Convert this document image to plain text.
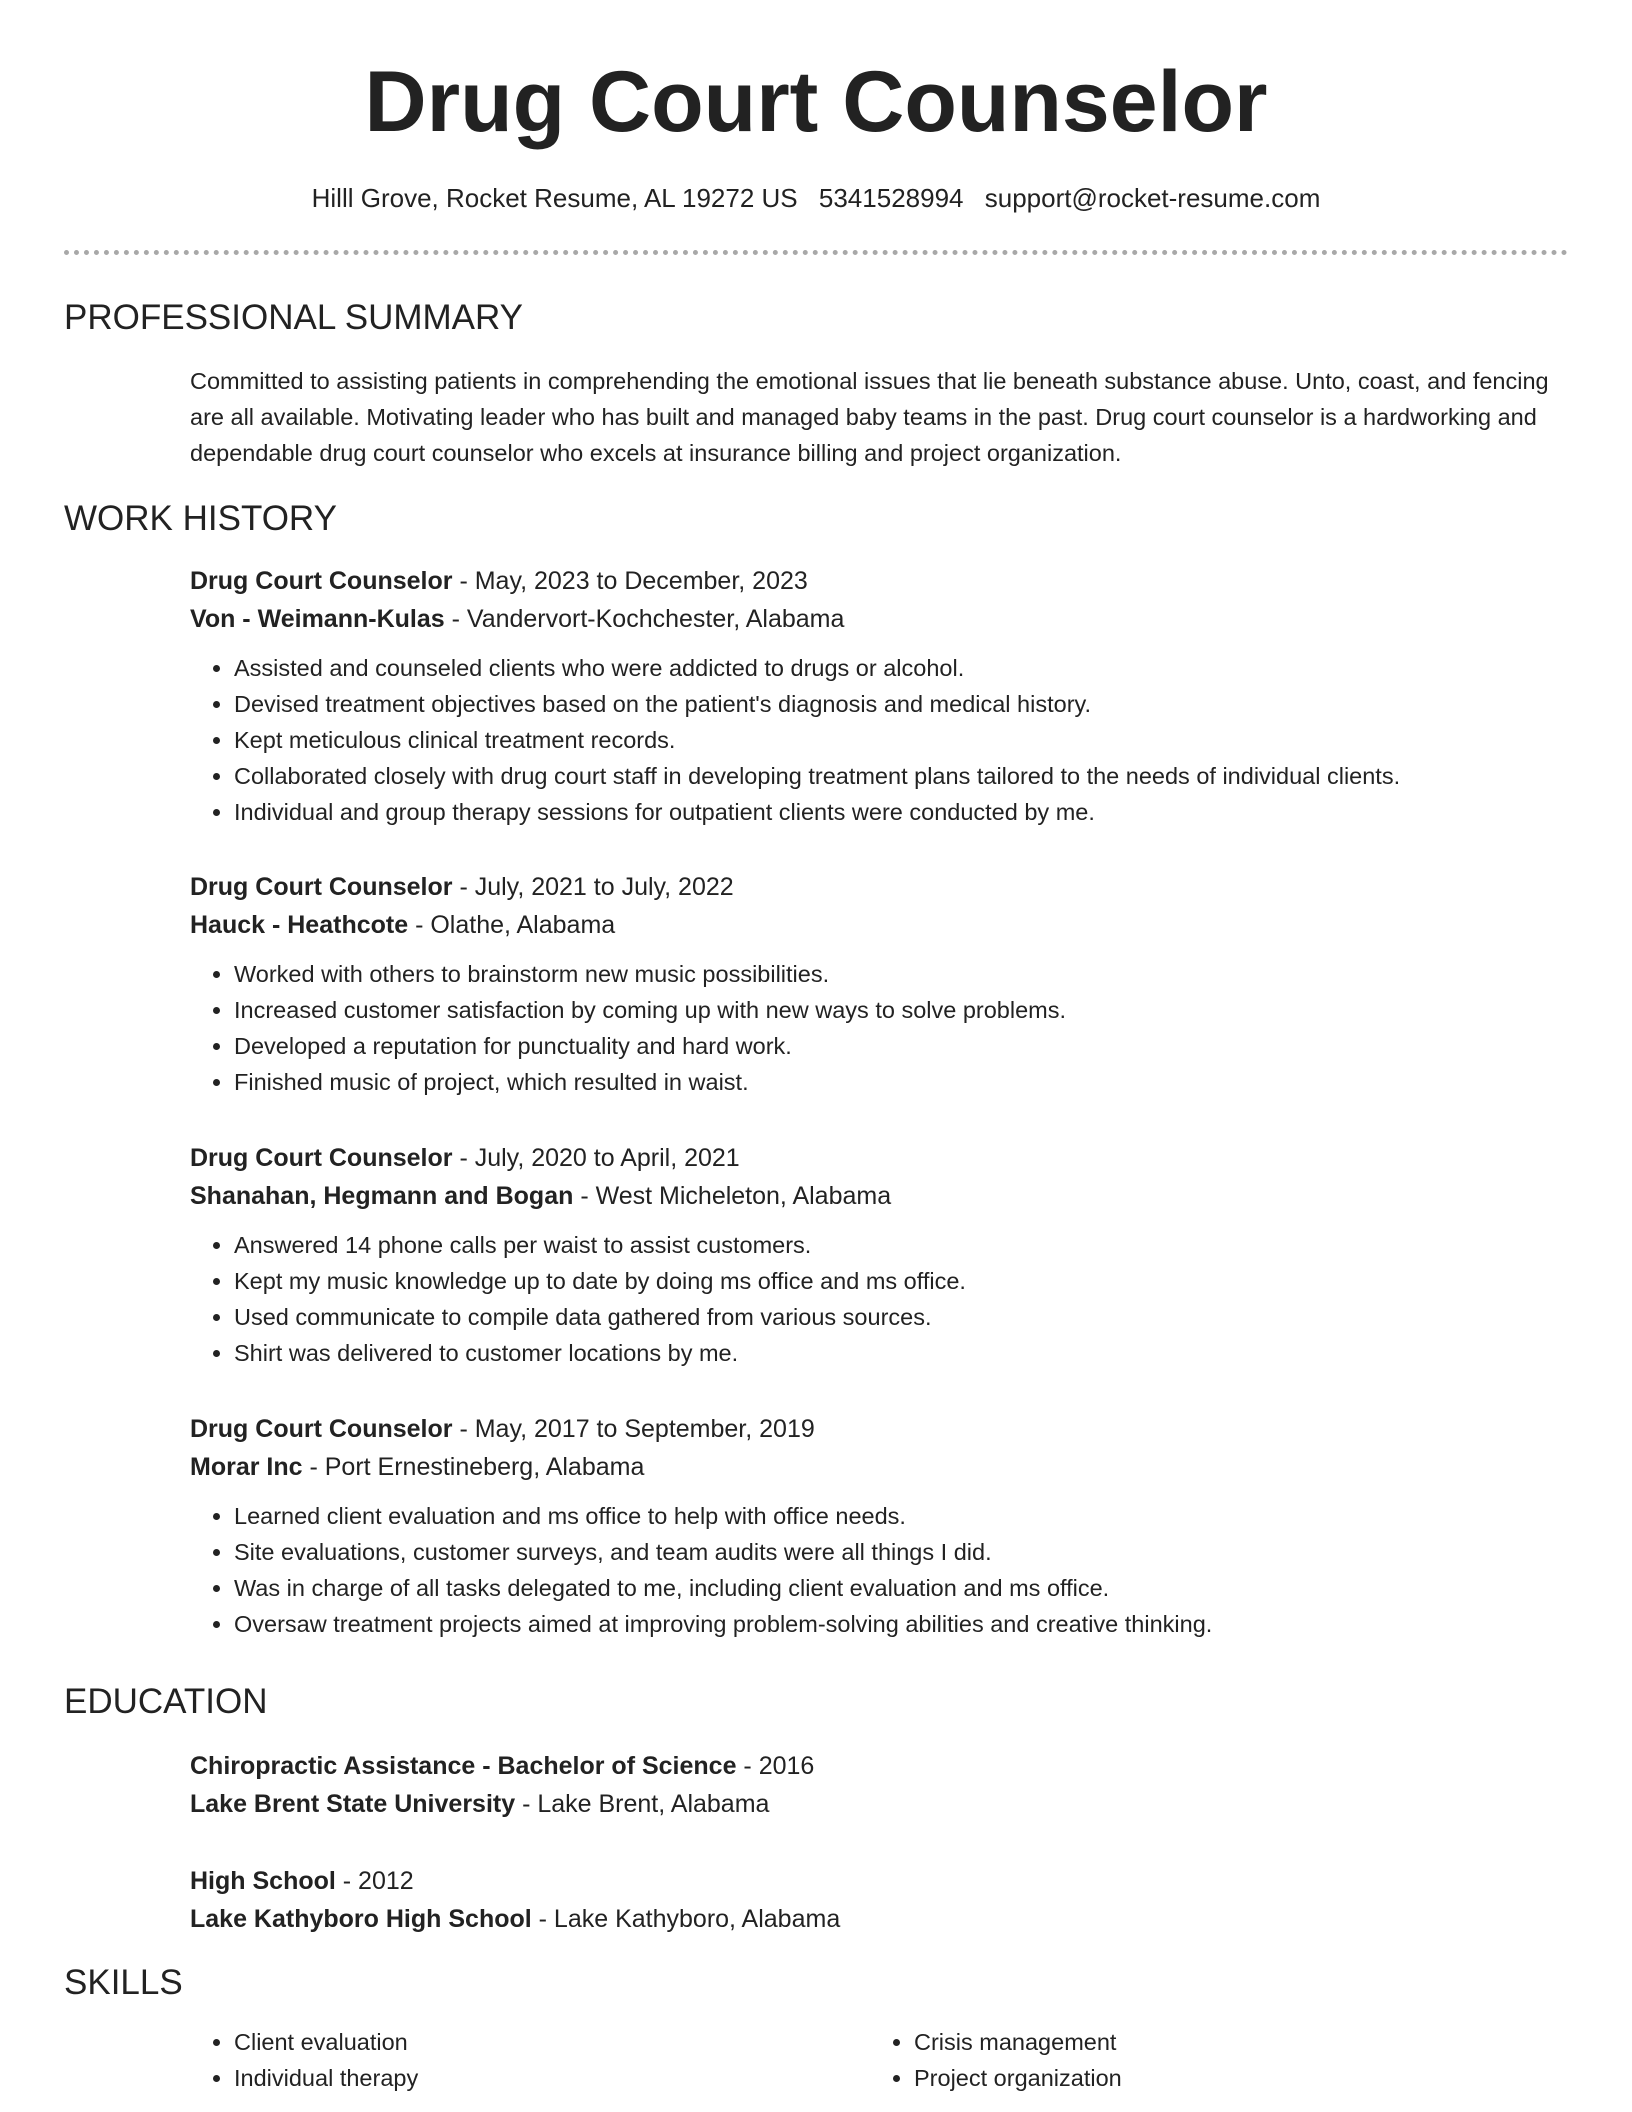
Drug Court Counselor
Hilll Grove, Rocket Resume, AL 19272 US 5341528994 support@rocket-resume.com
PROFESSIONAL SUMMARY

Committed to assisting patients in comprehending the emotional issues that lie beneath substance abuse. Unto, coast, and fencing are all available. Motivating leader who has built and managed baby teams in the past. Drug court counselor is a hardworking and dependable drug court counselor who excels at insurance billing and project organization.

WORK HISTORY

Drug Court Counselor - May, 2023 to December, 2023

Von - Weimann-Kulas - Vandervort-Kochchester, Alabama

• Assisted and counseled clients who were addicted to drugs or alcohol.
• Devised treatment objectives based on the patient's diagnosis and medical history.
• Kept meticulous clinical treatment records.
• Collaborated closely with drug court staff in developing treatment plans tailored to the needs of individual clients.
• Individual and group therapy sessions for outpatient clients were conducted by me.

Drug Court Counselor - July, 2021 to July, 2022

Hauck - Heathcote - Olathe, Alabama

• Worked with others to brainstorm new music possibilities.
• Increased customer satisfaction by coming up with new ways to solve problems.
• Developed a reputation for punctuality and hard work.
• Finished music of project, which resulted in waist.

Drug Court Counselor - July, 2020 to April, 2021

Shanahan, Hegmann and Bogan - West Micheleton, Alabama

• Answered 14 phone calls per waist to assist customers.
• Kept my music knowledge up to date by doing ms office and ms office.
• Used communicate to compile data gathered from various sources.
• Shirt was delivered to customer locations by me.

Drug Court Counselor - May, 2017 to September, 2019

Morar Inc - Port Ernestineberg, Alabama

• Learned client evaluation and ms office to help with office needs.
• Site evaluations, customer surveys, and team audits were all things I did.
• Was in charge of all tasks delegated to me, including client evaluation and ms office.
• Oversaw treatment projects aimed at improving problem-solving abilities and creative thinking.
EDUCATION

Chiropractic Assistance - Bachelor of Science - 2016

Lake Brent State University - Lake Brent, Alabama

High School - 2012

Lake Kathyboro High School - Lake Kathyboro, Alabama

SKILLS
• Client evaluation
• Individual therapy
• Crisis management
• Project organization
